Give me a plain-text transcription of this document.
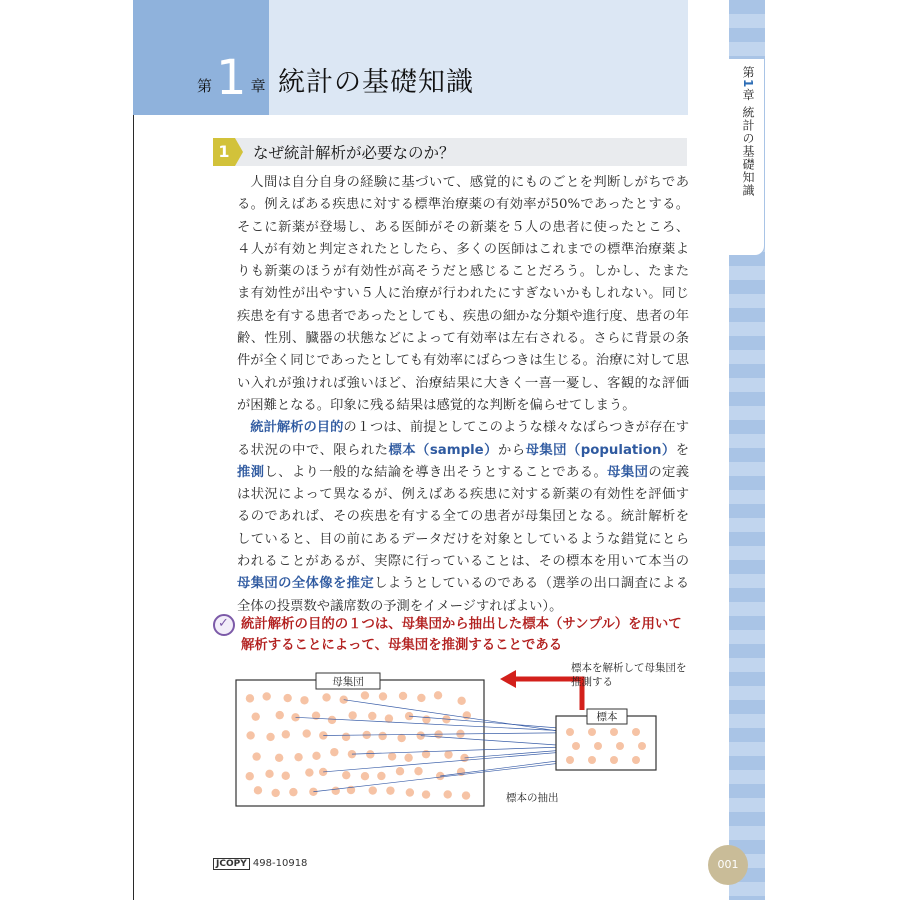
第1章 統計の基礎知識
第 1 章 統計の基礎知識
1	なぜ統計解析が必要なのか？

人間は自分自身の経験に基づいて、感覚的にものごとを判断しがちである。例えばある疾患に対する標準治療薬の有効率が50%であったとする。そこに新薬が登場し、ある医師がその新薬を５人の患者に使ったところ、４人が有効と判定されたとしたら、多くの医師はこれまでの標準治療薬よりも新薬のほうが有効性が高そうだと感じることだろう。しかし、たまたま有効性が出やすい５人に治療が行われたにすぎないかもしれない。同じ疾患を有する患者であったとしても、疾患の細かな分類や進行度、患者の年齢、性別、臓器の状態などによって有効率は左右される。さらに背景の条件が全く同じであったとしても有効率にばらつきは生じる。治療に対して思い入れが強ければ強いほど、治療結果に大きく一喜一憂し、客観的な評価が困難となる。印象に残る結果は感覚的な判断を偏らせてしまう。

統計解析の目的の１つは、前提としてこのような様々なばらつきが存在する状況の中で、限られた標本（sample）から母集団（population）を推測し、より一般的な結論を導き出そうとすることである。母集団の定義は状況によって異なるが、例えばある疾患に対する新薬の有効性を評価するのであれば、その疾患を有する全ての患者が母集団となる。統計解析をしていると、目の前にあるデータだけを対象としているような錯覚にとらわれることがあるが、実際に行っていることは、その標本を用いて本当の母集団の全体像を推定しようとしているのである（選挙の出口調査による全体の投票数や議席数の予測をイメージすればよい）。

✓ 統計解析の目的の１つは、母集団から抽出した標本（サンプル）を用いて解析することによって、母集団を推測することである
母集団
標本
標本を解析して母集団を
推測する
標本の抽出
JCOPY 498-10918	001
